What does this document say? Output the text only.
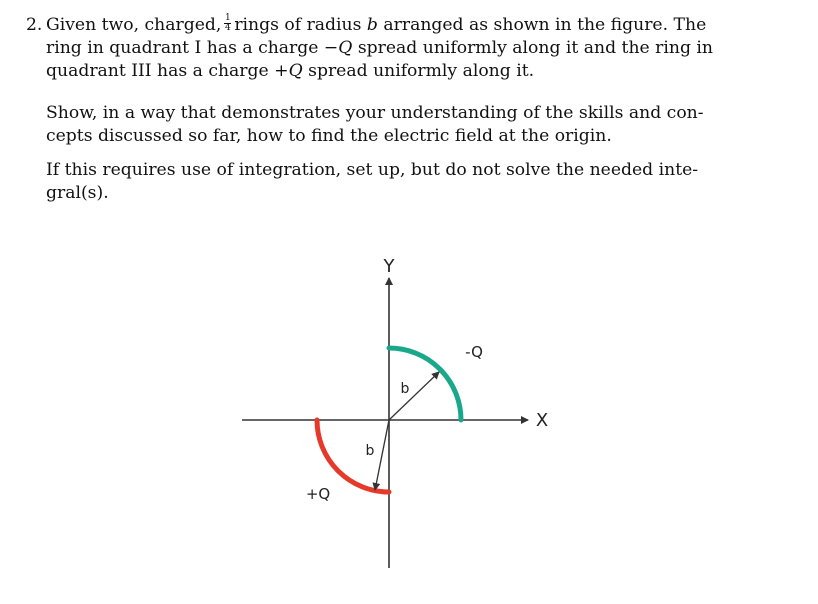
2. Given two, charged, $\frac{1}{4}$ rings of radius b arranged as shown in the figure. The
ring in quadrant I has a charge −Q spread uniformly along it and the ring in
quadrant III has a charge +Q spread uniformly along it.
Show, in a way that demonstrates your understanding of the skills and con-
cepts discussed so far, how to find the electric field at the origin.
If this requires use of integration, set up, but do not solve the needed inte-
gral(s).
Y
X
-Q
+Q
b
b
